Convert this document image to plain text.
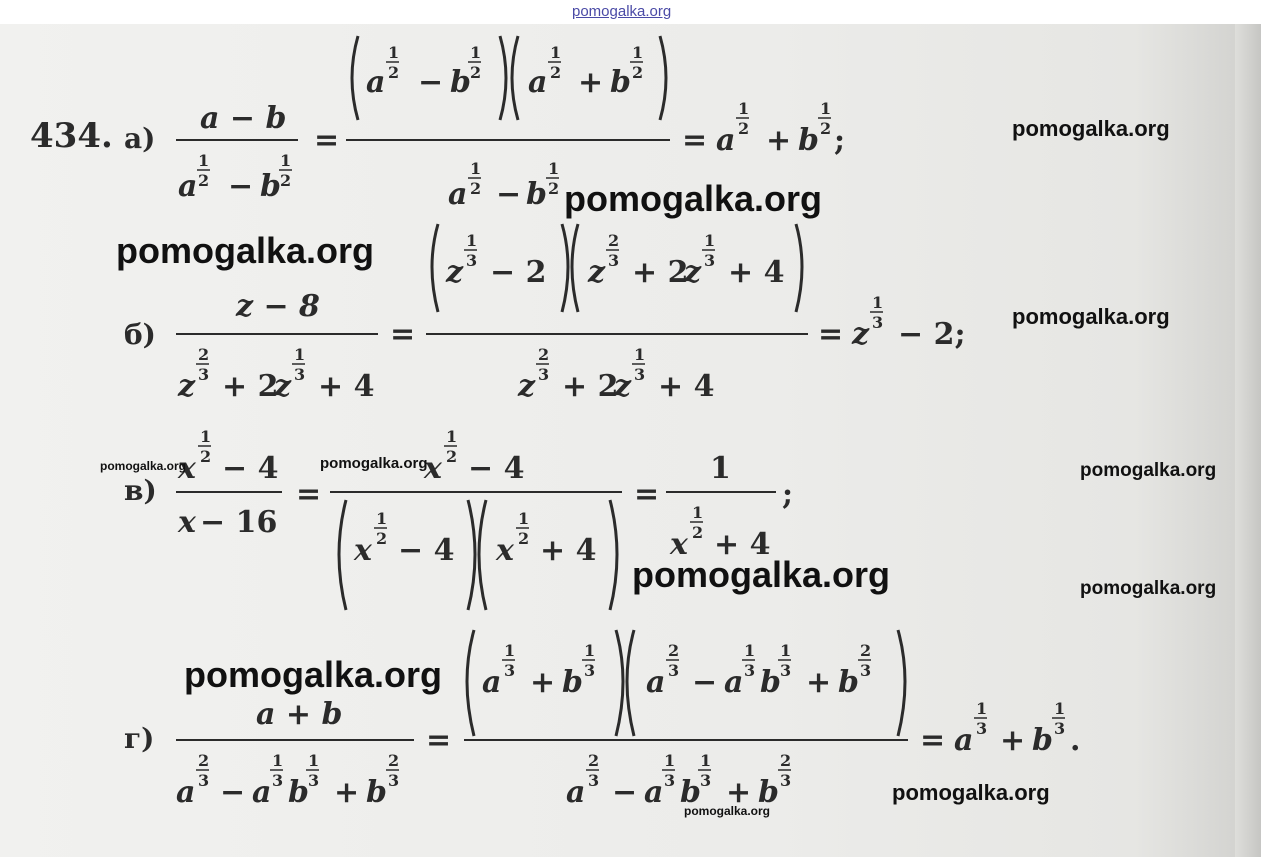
434. а)
a − b
a
1
2 − b
1
2
=
a
1
2 − b
1
2 a
1
2 + b
1
2
a
1
2 − b
1
2
= a
1
2 + b
1
2 ;
б)
z − 8
z
2
3 + 2
z
1
3 + 4
=
z
1
3 − 2 z
2
3 + 2
z
1
3 + 4
z
2
3 + 2
z
1
3 + 4
= z
1
3 − 2;
в)
x
1
2 − 4
x − 16
=
x
1
2 − 4
x
1
2 − 4 x
1
2 + 4
=
1
x
1
2 + 4
;
г)
a + b
a
2
3 − a
1
3 b
1
3 + b
2
3
=
a
1
3 + b
1
3 a
2
3 − a
1
3 b
1
3 + b
2
3
a
2
3 − a
1
3 b
1
3 + b
2
3
= a
1
3 + b
1
3 .
pomogalka.org
pomogalka.org
pomogalka.org
pomogalka.org
pomogalka.org
pomogalka.org	pomogalka.org	pomogalka.org
pomogalka.org	pomogalka.org
pomogalka.org
pomogalka.org
pomogalka.org
